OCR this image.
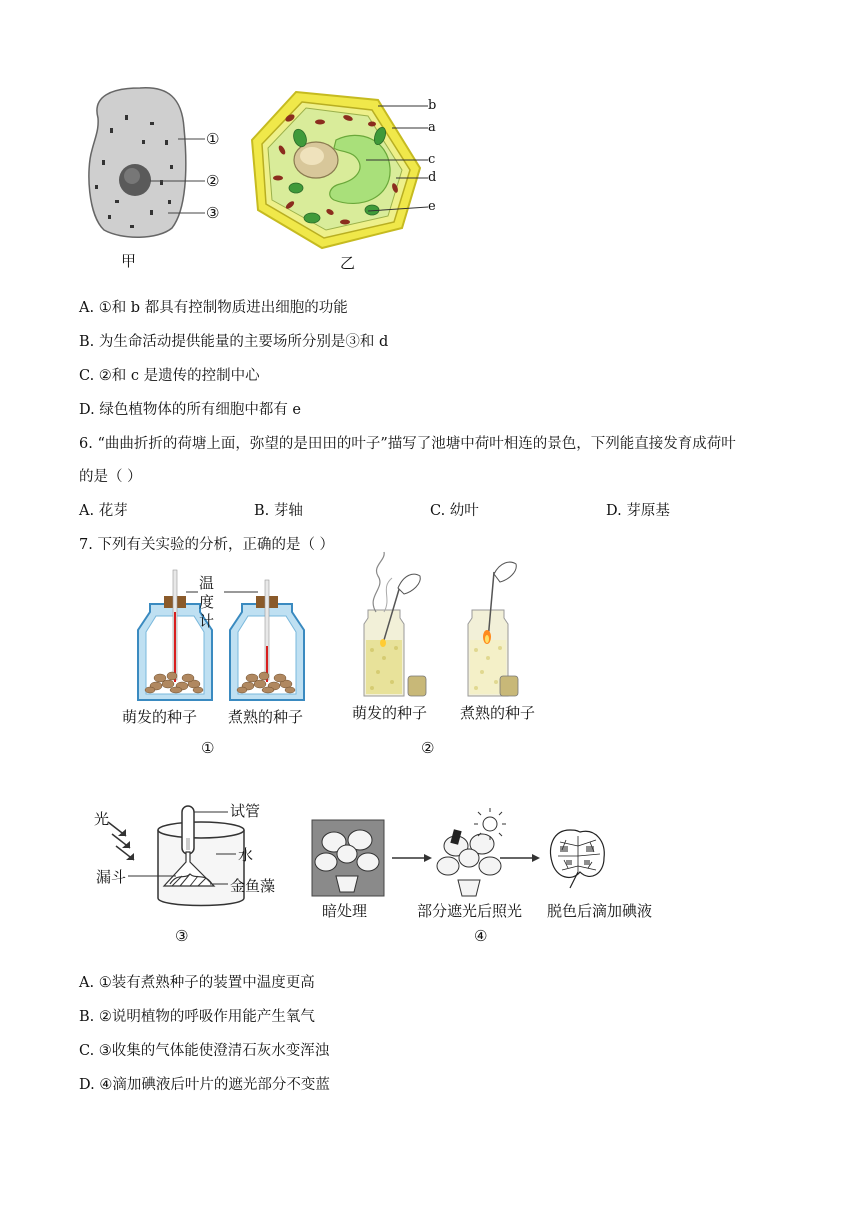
①
②
③
甲
b
a
c
d
e
乙
A. ①和 b 都具有控制物质进出细胞的功能
B. 为生命活动提供能量的主要场所分别是③和 d
C. ②和 c 是遗传的控制中心
D. 绿色植物体的所有细胞中都有 e
6. “曲曲折折的荷塘上面，弥望的是田田的叶子”描写了池塘中荷叶相连的景色，下列能直接发育成荷叶
的是（ ）
A. 花芽	B. 芽轴	C. 幼叶	D. 芽原基
7. 下列有关实验的分析，正确的是（ ）
温
度
计
萌发的种子 煮熟的种子
①
萌发的种子 煮熟的种子
②
光	试管
水
漏斗	金鱼藻
③
暗处理	部分遮光后照光 脱色后滴加碘液
④
A. ①装有煮熟种子的装置中温度更高
B. ②说明植物的呼吸作用能产生氧气
C. ③收集的气体能使澄清石灰水变浑浊
D. ④滴加碘液后叶片的遮光部分不变蓝
